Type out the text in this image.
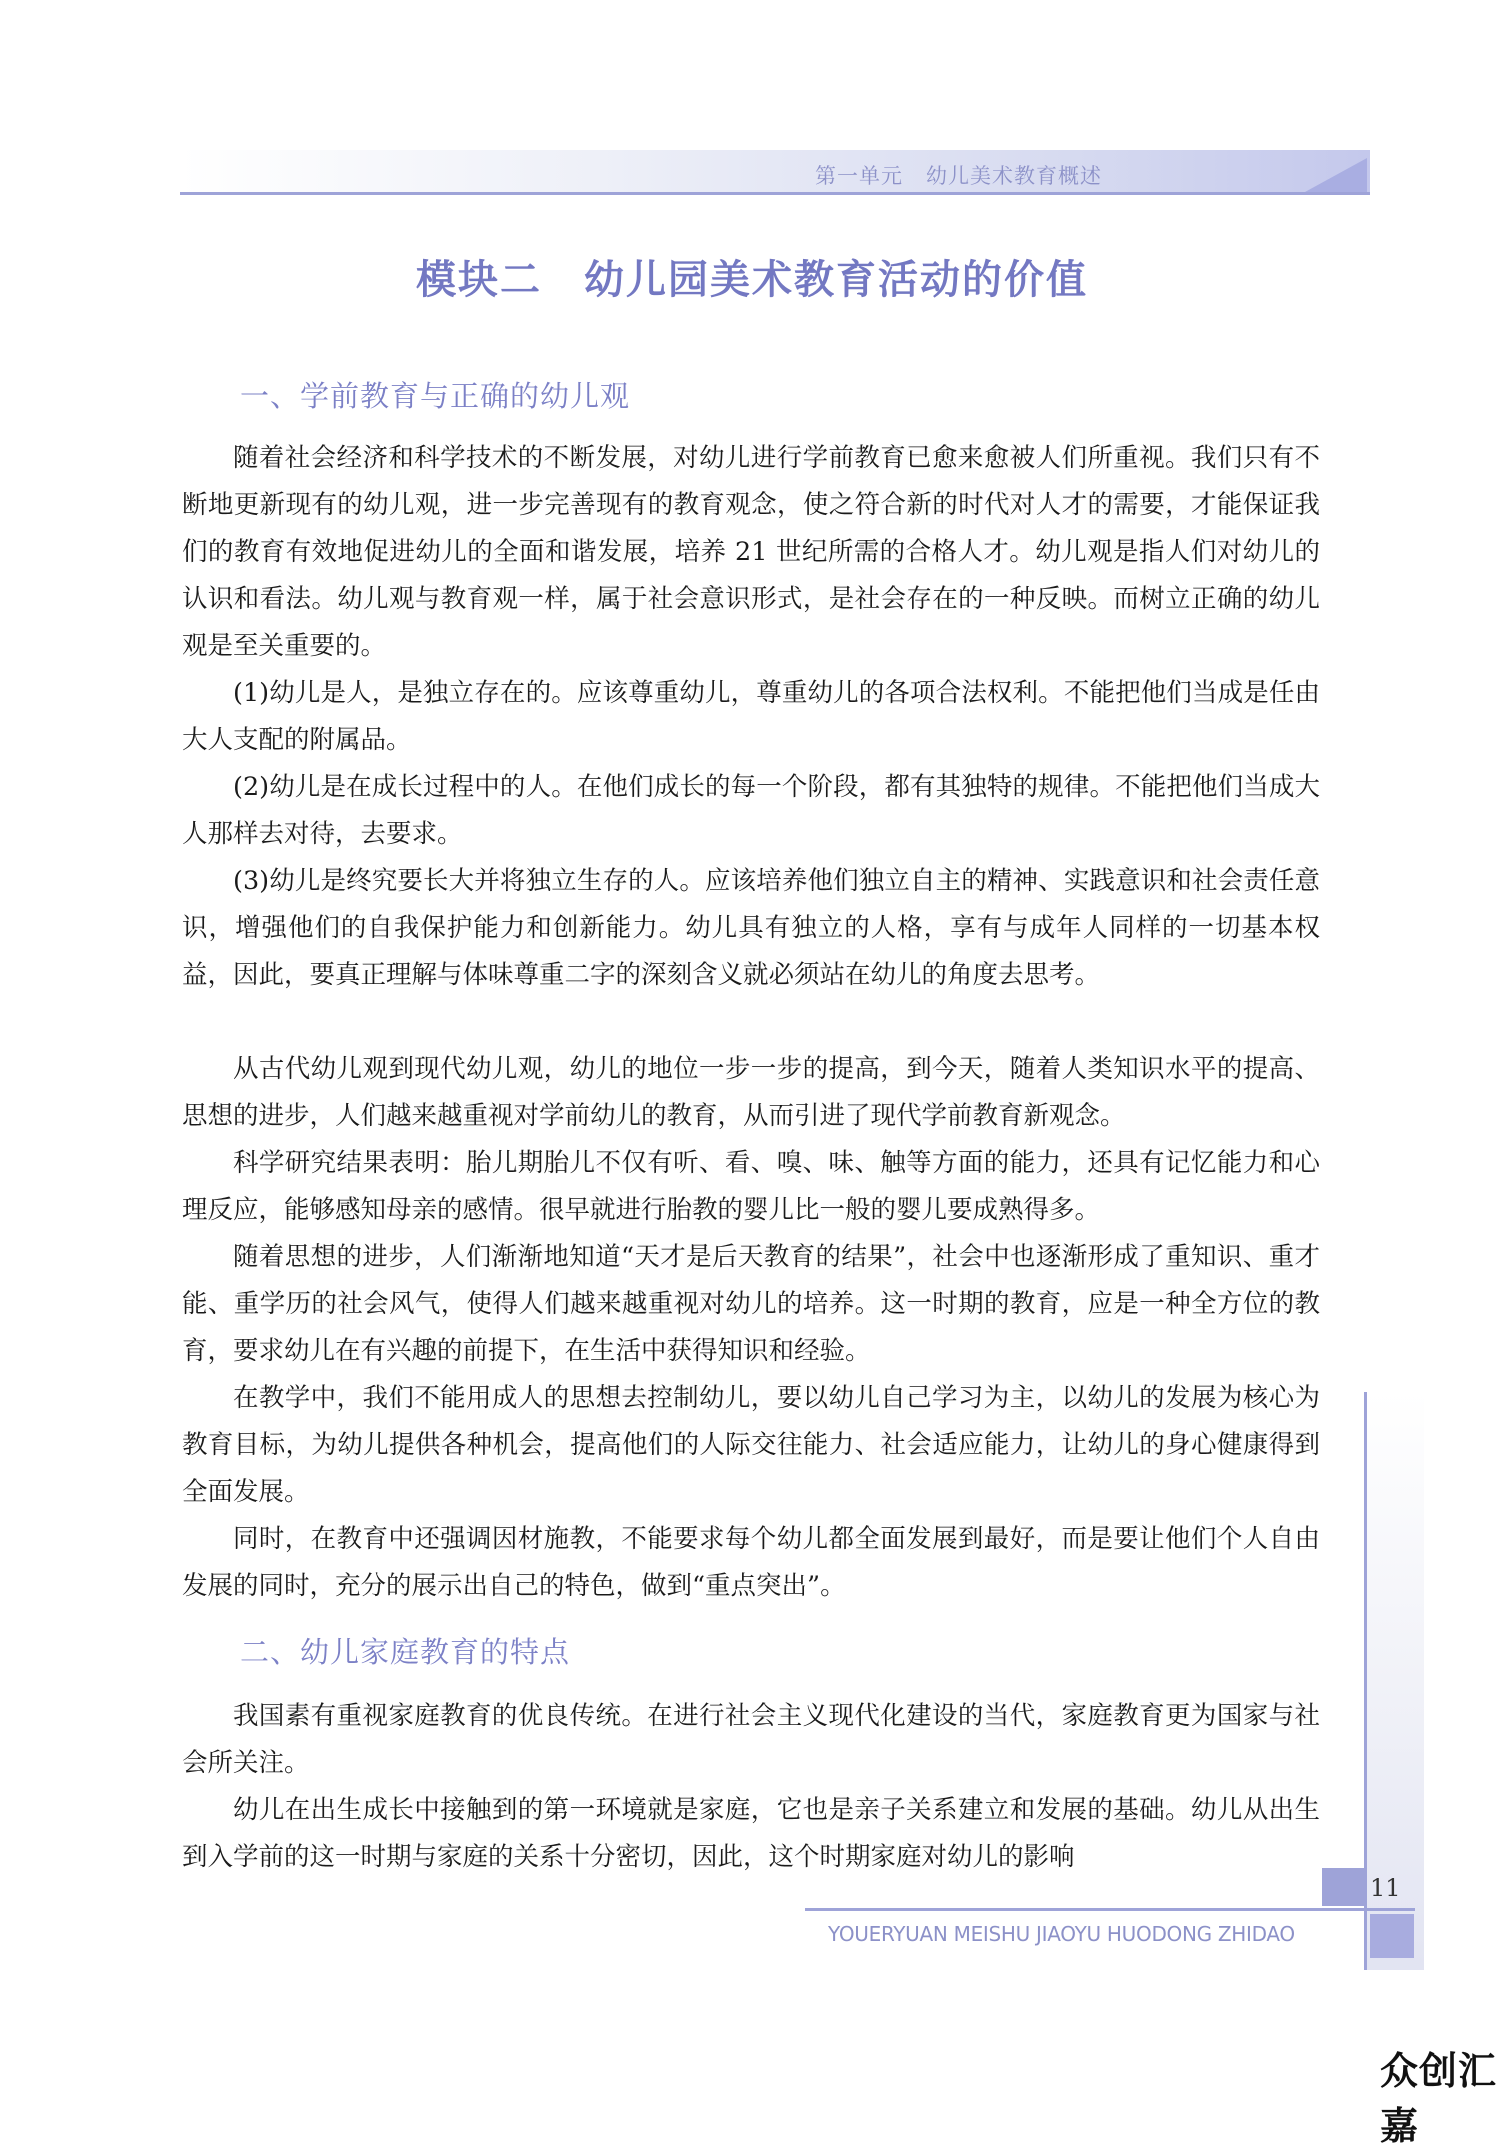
第一单元 幼儿美术教育概述
模块二　幼儿园美术教育活动的价值
一、学前教育与正确的幼儿观

随着社会经济和科学技术的不断发展，对幼儿进行学前教育已愈来愈被人们所重视。我们只有不断地更新现有的幼儿观，进一步完善现有的教育观念，使之符合新的时代对人才的需要，才能保证我们的教育有效地促进幼儿的全面和谐发展，培养 21 世纪所需的合格人才。幼儿观是指人们对幼儿的认识和看法。幼儿观与教育观一样，属于社会意识形式，是社会存在的一种反映。而树立正确的幼儿观是至关重要的。

(1)幼儿是人，是独立存在的。应该尊重幼儿，尊重幼儿的各项合法权利。不能把他们当成是任由大人支配的附属品。

(2)幼儿是在成长过程中的人。在他们成长的每一个阶段，都有其独特的规律。不能把他们当成大人那样去对待，去要求。

(3)幼儿是终究要长大并将独立生存的人。应该培养他们独立自主的精神、实践意识和社会责任意识，增强他们的自我保护能力和创新能力。幼儿具有独立的人格，享有与成年人同样的一切基本权益，因此，要真正理解与体味尊重二字的深刻含义就必须站在幼儿的角度去思考。

从古代幼儿观到现代幼儿观，幼儿的地位一步一步的提高，到今天，随着人类知识水平的提高、思想的进步，人们越来越重视对学前幼儿的教育，从而引进了现代学前教育新观念。

科学研究结果表明：胎儿期胎儿不仅有听、看、嗅、味、触等方面的能力，还具有记忆能力和心理反应，能够感知母亲的感情。很早就进行胎教的婴儿比一般的婴儿要成熟得多。

随着思想的进步，人们渐渐地知道“天才是后天教育的结果”，社会中也逐渐形成了重知识、重才能、重学历的社会风气，使得人们越来越重视对幼儿的培养。这一时期的教育，应是一种全方位的教育，要求幼儿在有兴趣的前提下，在生活中获得知识和经验。

在教学中，我们不能用成人的思想去控制幼儿，要以幼儿自己学习为主，以幼儿的发展为核心为教育目标，为幼儿提供各种机会，提高他们的人际交往能力、社会适应能力，让幼儿的身心健康得到全面发展。

同时，在教育中还强调因材施教，不能要求每个幼儿都全面发展到最好，而是要让他们个人自由发展的同时，充分的展示出自己的特色，做到“重点突出”。

二、幼儿家庭教育的特点

我国素有重视家庭教育的优良传统。在进行社会主义现代化建设的当代，家庭教育更为国家与社会所关注。

幼儿在出生成长中接触到的第一环境就是家庭，它也是亲子关系建立和发展的基础。幼儿从出生到入学前的这一时期与家庭的关系十分密切，因此，这个时期家庭对幼儿的影响

11
YOUERYUAN MEISHU JIAOYU HUODONG ZHIDAO
众创汇嘉
